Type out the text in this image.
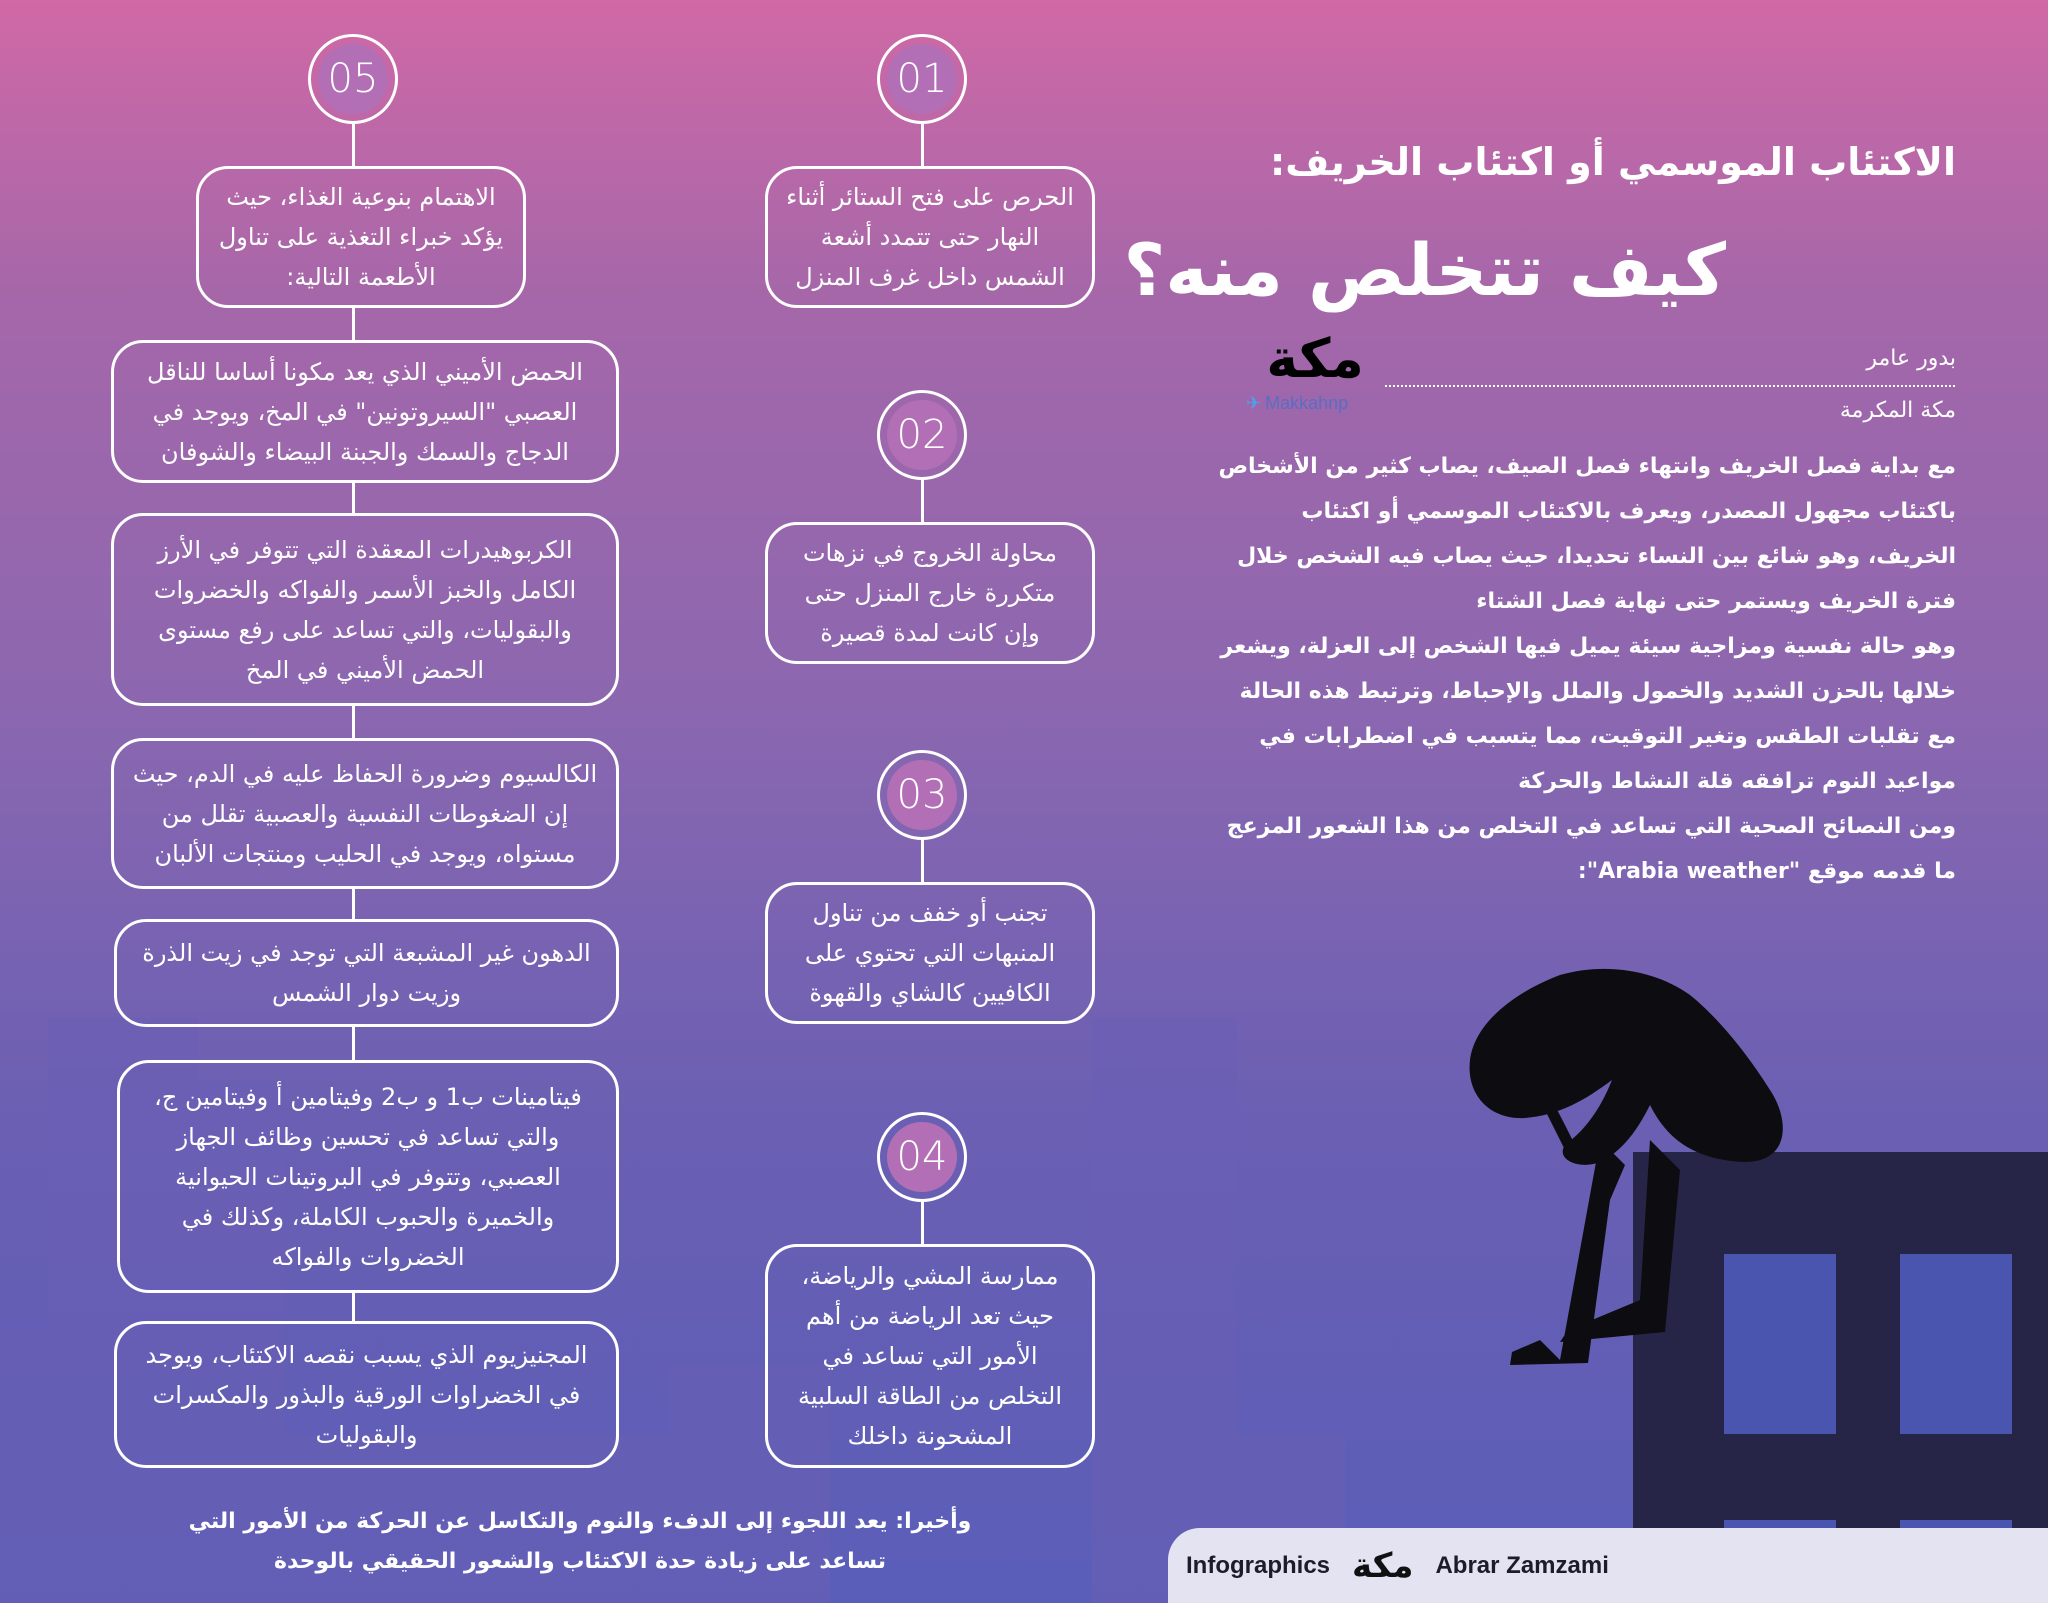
الاكتئاب الموسمي أو اكتئاب الخريف:
كيف تتخلص منه؟
مكة
✈ Makkahnp
بدور عامر
مكة المكرمة

مع بداية فصل الخريف وانتهاء فصل الصيف، يصاب كثير من الأشخاص باكتئاب مجهول المصدر، ويعرف بالاكتئاب الموسمي أو اكتئاب الخريف، وهو شائع بين النساء تحديدا، حيث يصاب فيه الشخص خلال فترة الخريف ويستمر حتى نهاية فصل الشتاء

وهو حالة نفسية ومزاجية سيئة يميل فيها الشخص إلى العزلة، ويشعر خلالها بالحزن الشديد والخمول والملل والإحباط، وترتبط هذه الحالة مع تقلبات الطقس وتغير التوقيت، مما يتسبب في اضطرابات في مواعيد النوم ترافقه قلة النشاط والحركة

ومن النصائح الصحية التي تساعد في التخلص من هذا الشعور المزعج ما قدمه موقع "Arabia weather":

01
الحرص على فتح الستائر أثناء النهار حتى تتمدد أشعة الشمس داخل غرف المنزل
02
محاولة الخروج في نزهات متكررة خارج المنزل حتى وإن كانت لمدة قصيرة
03
تجنب أو خفف من تناول المنبهات التي تحتوي على الكافيين كالشاي والقهوة
04
ممارسة المشي والرياضة، حيث تعد الرياضة من أهم الأمور التي تساعد في التخلص من الطاقة السلبية المشحونة داخلك
05
الاهتمام بنوعية الغذاء، حيث يؤكد خبراء التغذية على تناول الأطعمة التالية:
الحمض الأميني الذي يعد مكونا أساسا للناقل العصبي "السيروتونين" في المخ، ويوجد في الدجاج والسمك والجبنة البيضاء والشوفان
الكربوهيدرات المعقدة التي تتوفر في الأرز الكامل والخبز الأسمر والفواكه والخضروات والبقوليات، والتي تساعد على رفع مستوى الحمض الأميني في المخ
الكالسيوم وضرورة الحفاظ عليه في الدم، حيث إن الضغوطات النفسية والعصبية تقلل من مستواه، ويوجد في الحليب ومنتجات الألبان
الدهون غير المشبعة التي توجد في زيت الذرة وزيت دوار الشمس
فيتامينات ب1 و ب2 وفيتامين أ وفيتامين ج، والتي تساعد في تحسين وظائف الجهاز العصبي، وتتوفر في البروتينات الحيوانية والخميرة والحبوب الكاملة، وكذلك في الخضروات والفواكه
المجنيزيوم الذي يسبب نقصه الاكتئاب، ويوجد في الخضراوات الورقية والبذور والمكسرات والبقوليات
وأخيرا: يعد اللجوء إلى الدفء والنوم والتكاسل عن الحركة من الأمور التي تساعد على زيادة حدة الاكتئاب والشعور الحقيقي بالوحدة	Infographics مكة Abrar Zamzami
